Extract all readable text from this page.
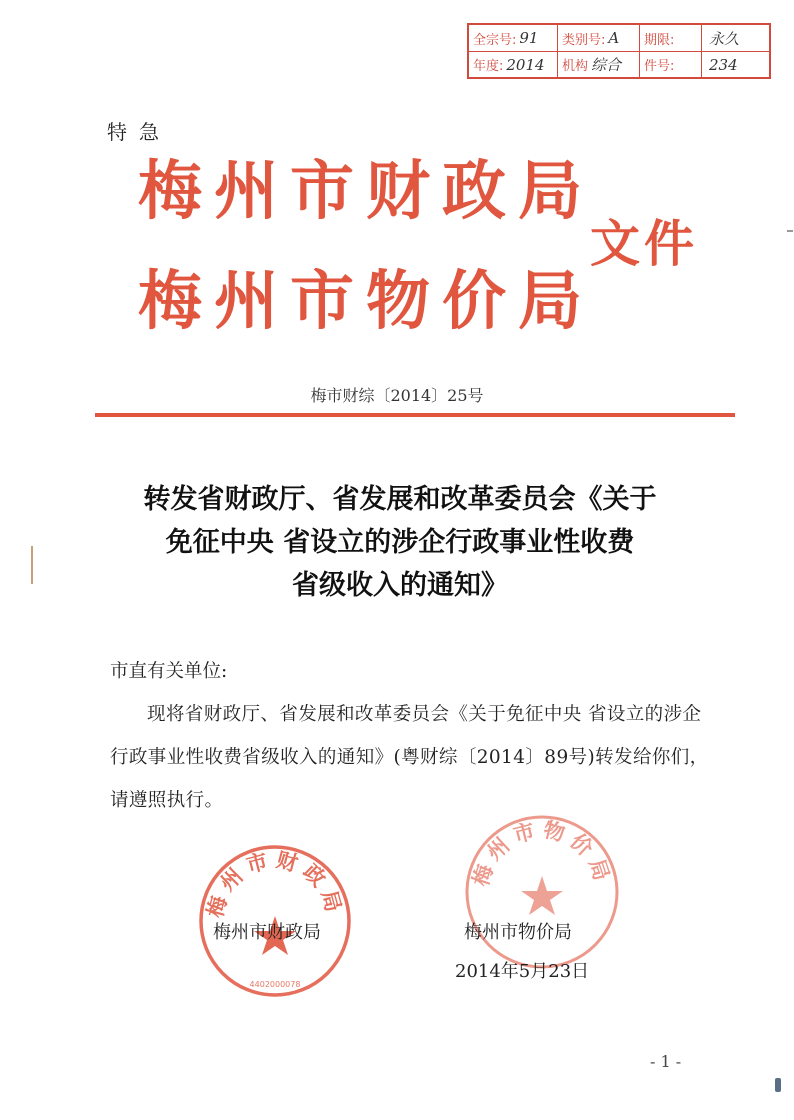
全宗号: 91 类别号: A 期限: 永久
年度: 2014 机构 综合 件号: 234
特急
梅州市财政局
梅州市物价局
文件
梅市财综〔2014〕25号
转发省财政厅、省发展和改革委员会《关于
免征中央 省设立的涉企行政事业性收费
省级收入的通知》
市直有关单位:
现将省财政厅、省发展和改革委员会《关于免征中央 省设立的涉企行政事业性收费省级收入的通知》(粤财综〔2014〕89号)转发给你们，请遵照执行。
梅州市财政局
4402000078
梅州市物价局
梅州市财政局	梅州市物价局
2014年5月23日
- 1 -
